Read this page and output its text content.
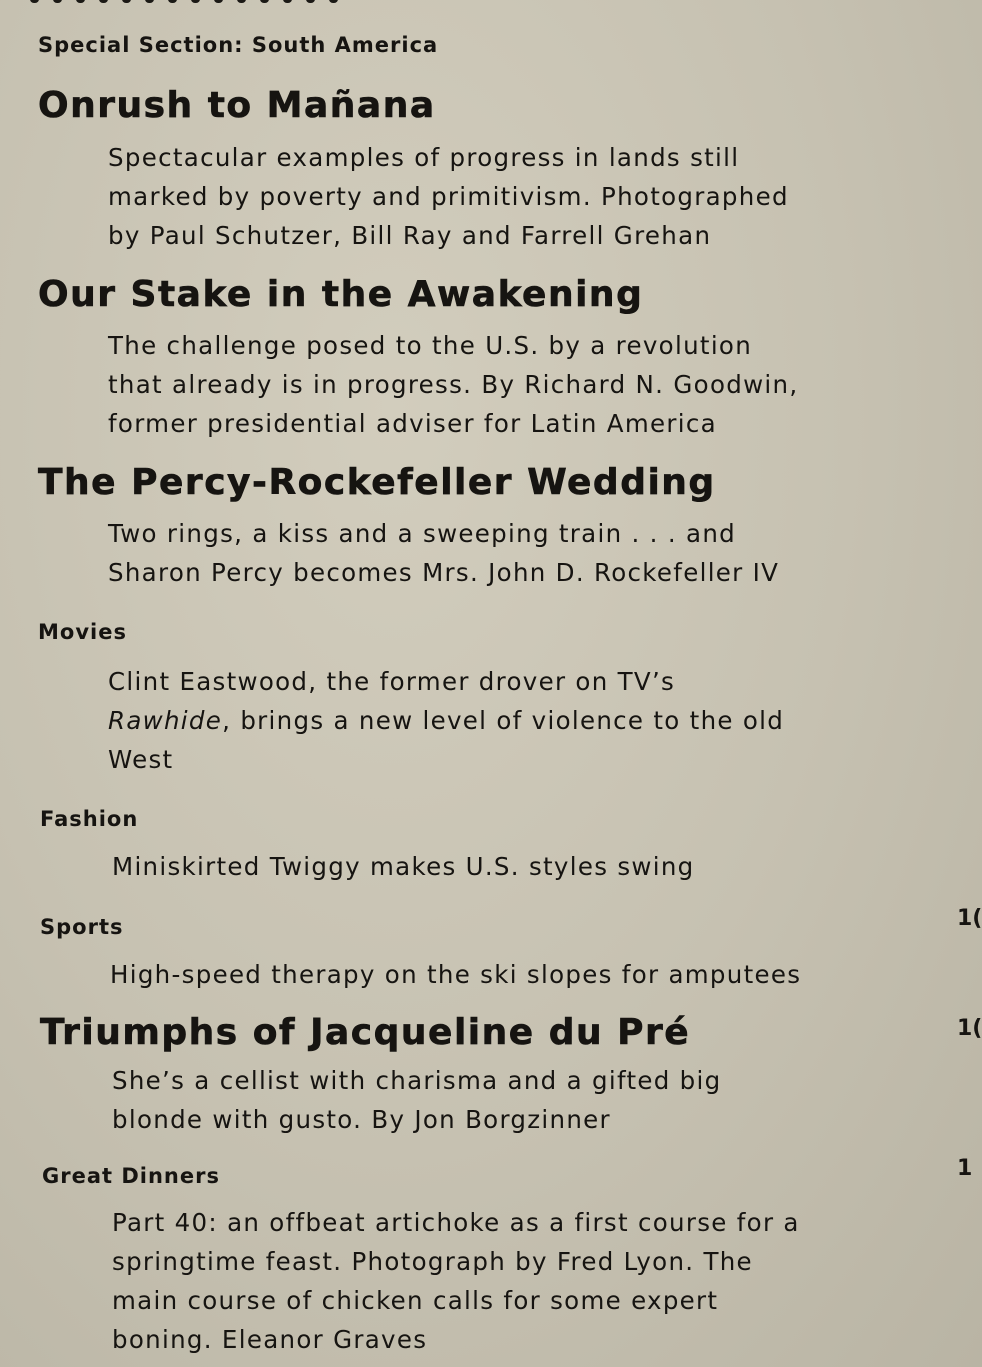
Special Section: South America
Onrush to Mañana
Spectacular examples of progress in lands still
marked by poverty and primitivism. Photographed
by Paul Schutzer, Bill Ray and Farrell Grehan
Our Stake in the Awakening
The challenge posed to the U.S. by a revolution
that already is in progress. By Richard N. Goodwin,
former presidential adviser for Latin America
The Percy-Rockefeller Wedding
Two rings, a kiss and a sweeping train . . . and
Sharon Percy becomes Mrs. John D. Rockefeller IV
Movies
Clint Eastwood, the former drover on TV’s
Rawhide, brings a new level of violence to the old
West
Fashion
Miniskirted Twiggy makes U.S. styles swing
Sports	1(
High-speed therapy on the ski slopes for amputees
Triumphs of Jacqueline du Pré	1(
She’s a cellist with charisma and a gifted big
blonde with gusto. By Jon Borgzinner
Great Dinners	1
Part 40: an offbeat artichoke as a first course for a
springtime feast. Photograph by Fred Lyon. The
main course of chicken calls for some expert
boning. Eleanor Graves
